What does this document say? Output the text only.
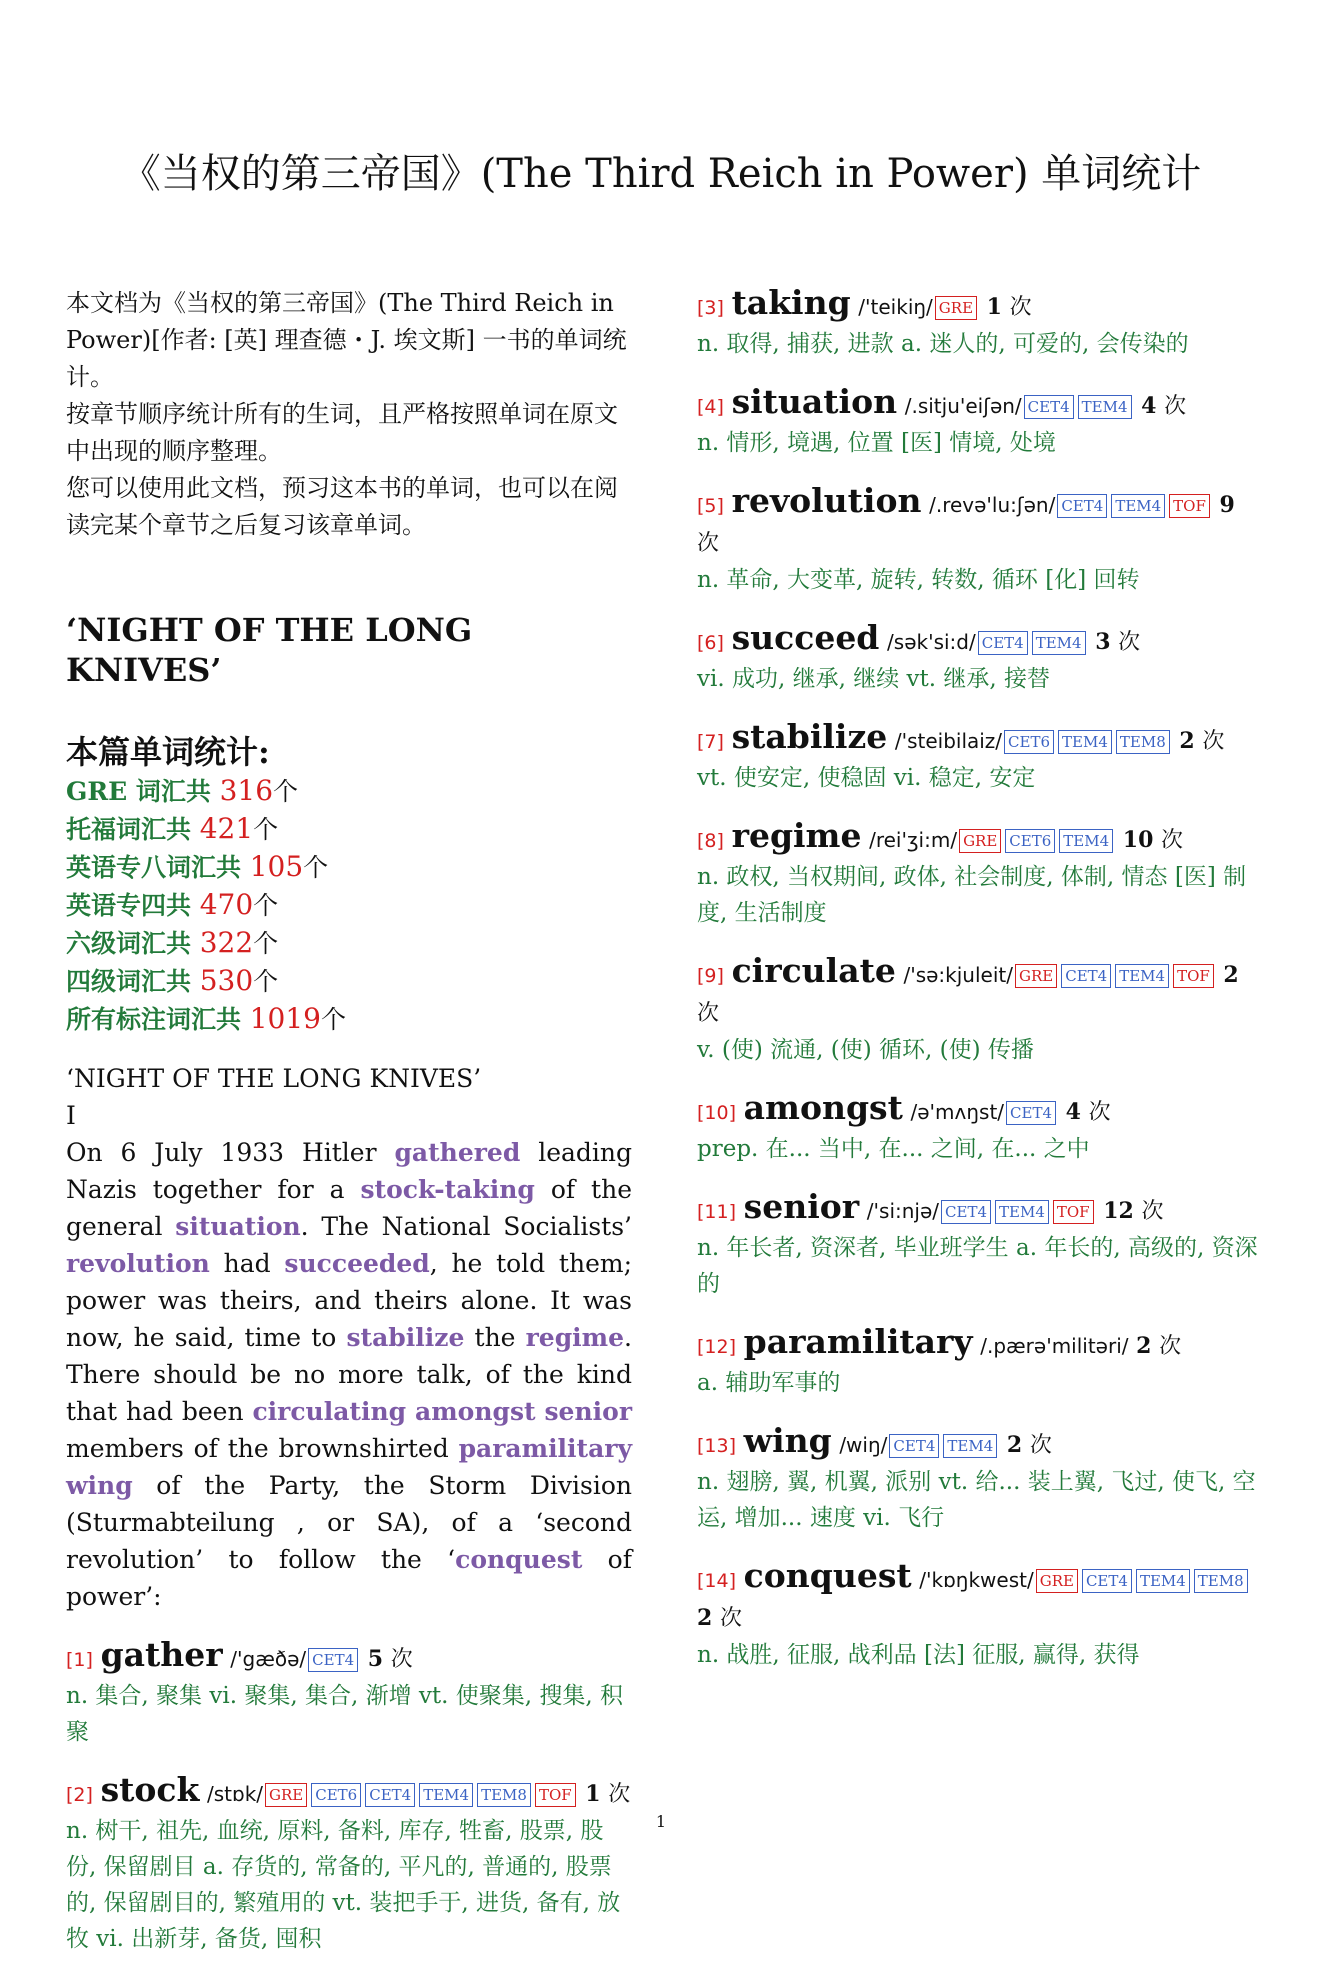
《当权的第三帝国》(The Third Reich in Power) 单词统计

本文档为《当权的第三帝国》(The Third Reich in Power)[作者: [英] 理查德・J. 埃文斯] 一书的单词统计。

按章节顺序统计所有的生词，且严格按照单词在原文中出现的顺序整理。

您可以使用此文档，预习这本书的单词，也可以在阅读完某个章节之后复习该章单词。

‘NIGHT OF THE LONG KNIVES’
本篇单词统计:
GRE 词汇共 316个
托福词汇共 421个
英语专八词汇共 105个
英语专四共 470个
六级词汇共 322个
四级词汇共 530个
所有标注词汇共 1019个
‘NIGHT OF THE LONG KNIVES’
I
On 6 July 1933 Hitler gathered leading Nazis together for a stock-taking of the general situation. The National Socialists’ revolution had succeeded, he told them; power was theirs, and theirs alone. It was now, he said, time to stabilize the regime. There should be no more talk, of the kind that had been circulating amongst senior members of the brownshirted paramilitary wing of the Party, the Storm Division (Sturmabteilung , or SA), of a ‘second revolution’ to follow the ‘conquest of power’:
[1] gather /'gæðə/ CET4 5 次
n. 集合, 聚集 vi. 聚集, 集合, 渐增 vt. 使聚集, 搜集, 积聚
[2] stock /stɒk/ GRE CET6 CET4 TEM4 TEM8 TOF 1 次
n. 树干, 祖先, 血统, 原料, 备料, 库存, 牲畜, 股票, 股份, 保留剧目 a. 存货的, 常备的, 平凡的, 普通的, 股票的, 保留剧目的, 繁殖用的 vt. 装把手于, 进货, 备有, 放牧 vi. 出新芽, 备货, 囤积
[3] taking /'teikiŋ/ GRE 1 次
n. 取得, 捕获, 进款 a. 迷人的, 可爱的, 会传染的
[4] situation /.sitju'eiʃən/ CET4 TEM4 4 次
n. 情形, 境遇, 位置 [医] 情境, 处境
[5] revolution /.revə'lu:ʃən/ CET4 TEM4 TOF 9 次
n. 革命, 大变革, 旋转, 转数, 循环 [化] 回转
[6] succeed /sək'si:d/ CET4 TEM4 3 次
vi. 成功, 继承, 继续 vt. 继承, 接替
[7] stabilize /'steibilaiz/ CET6 TEM4 TEM8 2 次
vt. 使安定, 使稳固 vi. 稳定, 安定
[8] regime /rei'ʒi:m/ GRE CET6 TEM4 10 次
n. 政权, 当权期间, 政体, 社会制度, 体制, 情态 [医] 制度, 生活制度
[9] circulate /'sə:kjuleit/ GRE CET4 TEM4 TOF 2 次
v. (使) 流通, (使) 循环, (使) 传播
[10] amongst /ə'mʌŋst/ CET4 4 次
prep. 在... 当中, 在... 之间, 在... 之中
[11] senior /'si:njə/ CET4 TEM4 TOF 12 次
n. 年长者, 资深者, 毕业班学生 a. 年长的, 高级的, 资深的
[12] paramilitary /.pærə'militəri/ 2 次
a. 辅助军事的
[13] wing /wiŋ/ CET4 TEM4 2 次
n. 翅膀, 翼, 机翼, 派别 vt. 给... 装上翼, 飞过, 使飞, 空运, 增加... 速度 vi. 飞行
[14] conquest /'kɒŋkwest/ GRE CET4 TEM4 TEM8 2 次
n. 战胜, 征服, 战利品 [法] 征服, 赢得, 获得
1
